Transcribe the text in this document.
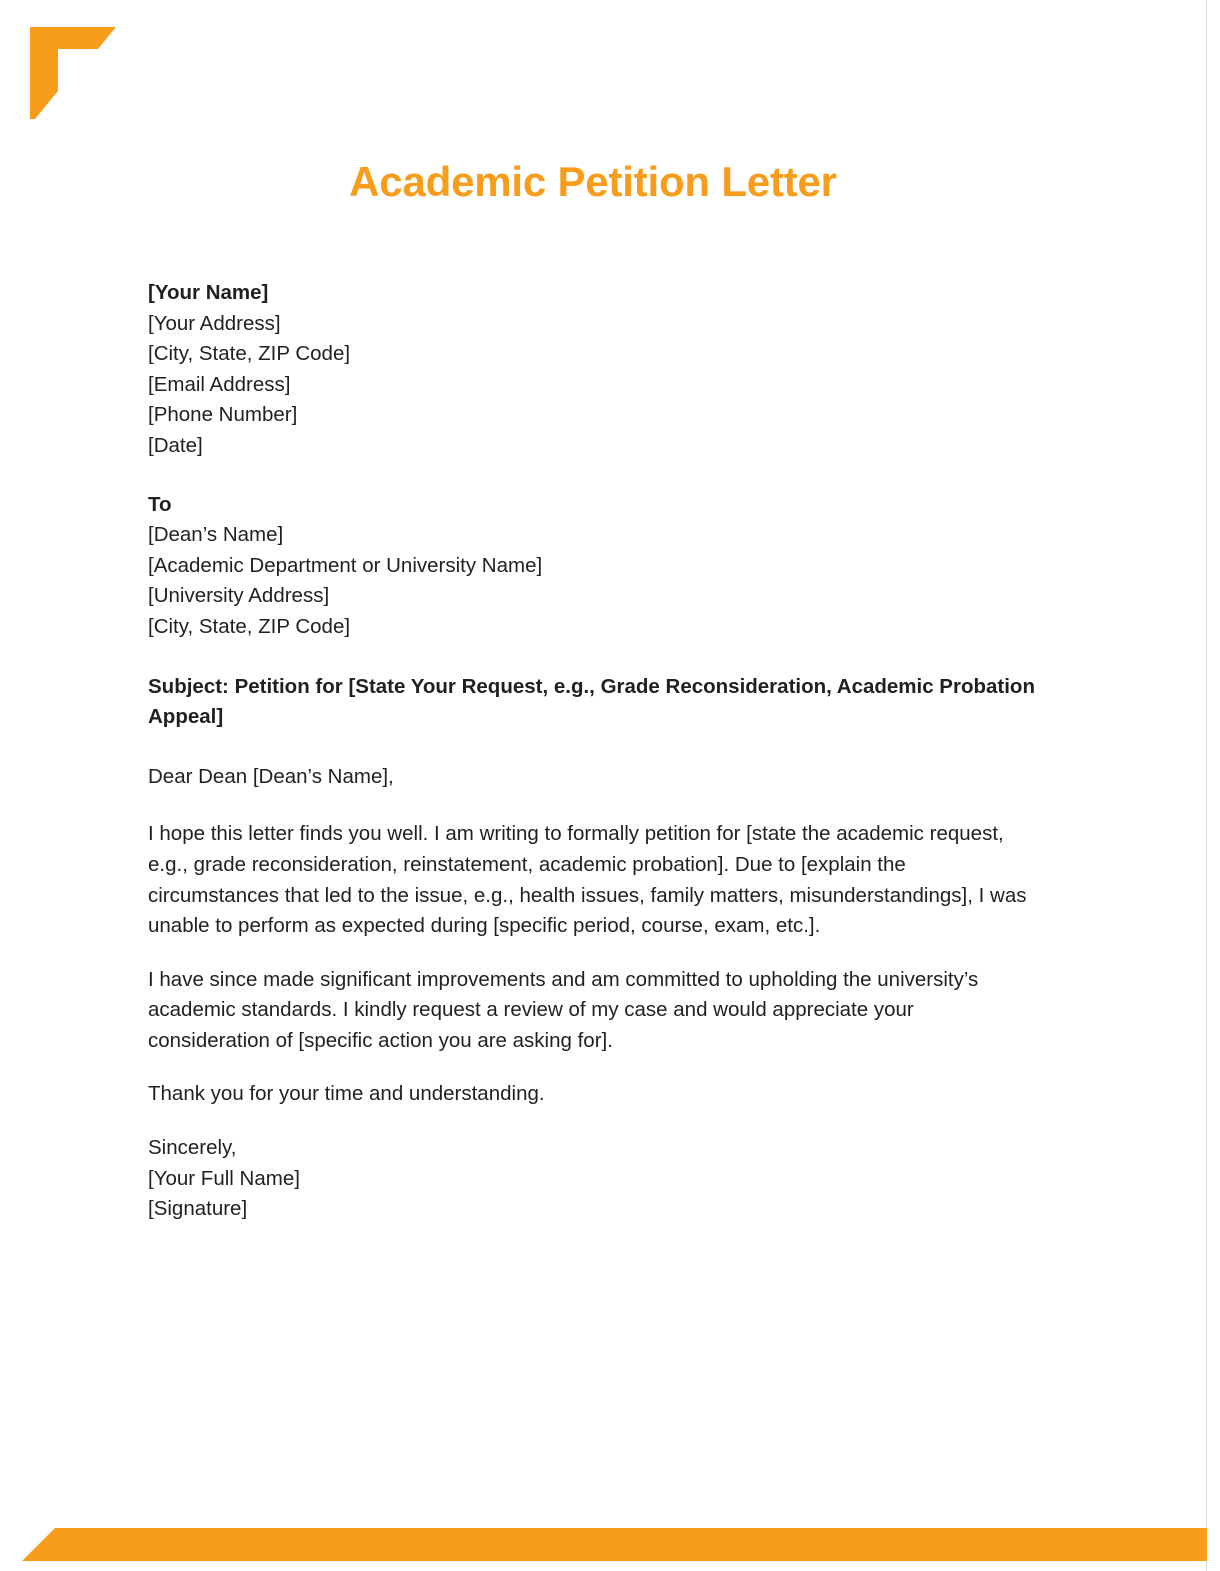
Academic Petition Letter
[Your Name]
[Your Address]
[City, State, ZIP Code]
[Email Address]
[Phone Number]
[Date]
To
[Dean’s Name]
[Academic Department or University Name]
[University Address]
[City, State, ZIP Code]

Subject: Petition for [State Your Request, e.g., Grade Reconsideration, Academic Probation Appeal]

Dear Dean [Dean’s Name],

I hope this letter finds you well. I am writing to formally petition for [state the academic request, e.g., grade reconsideration, reinstatement, academic probation]. Due to [explain the circumstances that led to the issue, e.g., health issues, family matters, misunderstandings], I was unable to perform as expected during [specific period, course, exam, etc.].

I have since made significant improvements and am committed to upholding the university’s academic standards. I kindly request a review of my case and would appreciate your consideration of [specific action you are asking for].

Thank you for your time and understanding.

Sincerely,
[Your Full Name]
[Signature]
